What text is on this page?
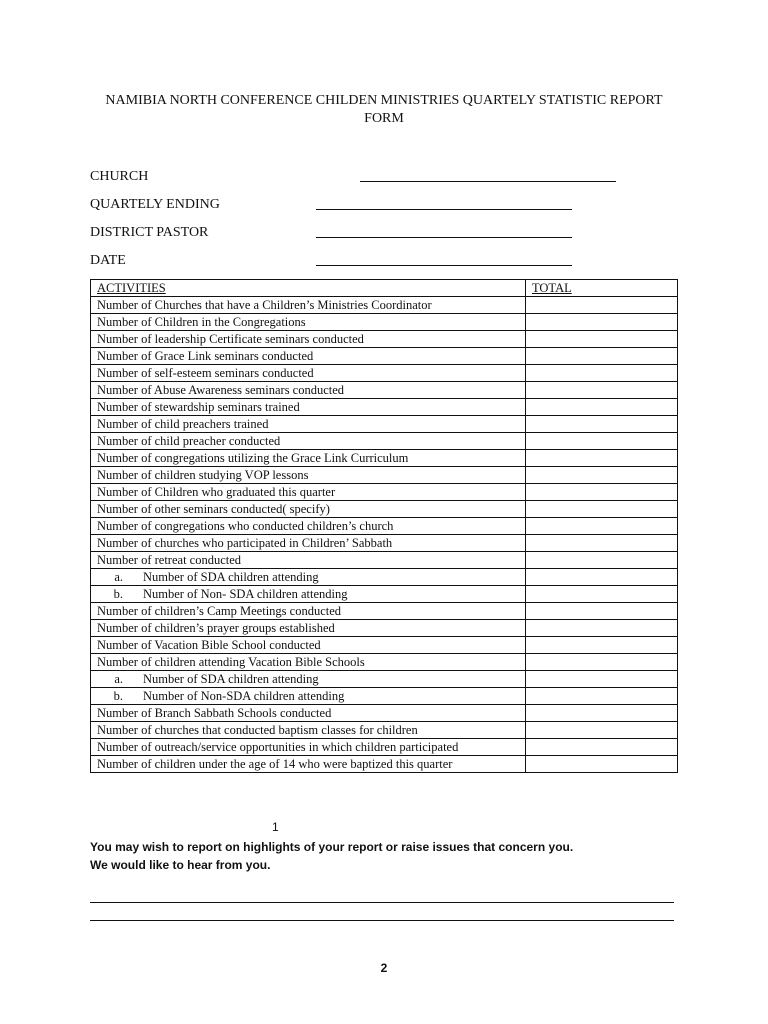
NAMIBIA NORTH CONFERENCE CHILDEN MINISTRIES QUARTELY STATISTIC REPORT FORM
CHURCH
QUARTELY ENDING
DISTRICT PASTOR
DATE
ACTIVITIES	TOTAL
Number of Churches that have a Children’s Ministries Coordinator	
Number of Children in the Congregations	
Number of leadership Certificate seminars conducted	
Number of Grace Link seminars conducted	
Number of self-esteem seminars conducted	
Number of Abuse Awareness seminars conducted	
Number of stewardship seminars trained	
Number of child preachers trained	
Number of child preacher conducted	
Number of congregations utilizing the Grace Link Curriculum	
Number of children studying VOP lessons	
Number of Children who graduated this quarter	
Number of other seminars conducted( specify)	
Number of congregations who conducted children’s church	
Number of churches who participated in Children’ Sabbath	
Number of retreat conducted	
a. Number of SDA children attending	
b. Number of Non- SDA children attending	
Number of children’s Camp Meetings conducted	
Number of children’s prayer groups established	
Number of Vacation Bible School conducted	
Number of children attending Vacation Bible Schools	
a. Number of SDA children attending	
b. Number of Non-SDA children attending	
Number of Branch Sabbath Schools conducted	
Number of churches that conducted baptism classes for children	
Number of outreach/service opportunities in which children participated	
Number of children under the age of 14 who were baptized this quarter	
1
You may wish to report on highlights of your report or raise issues that concern you.
We would like to hear from you.
2
